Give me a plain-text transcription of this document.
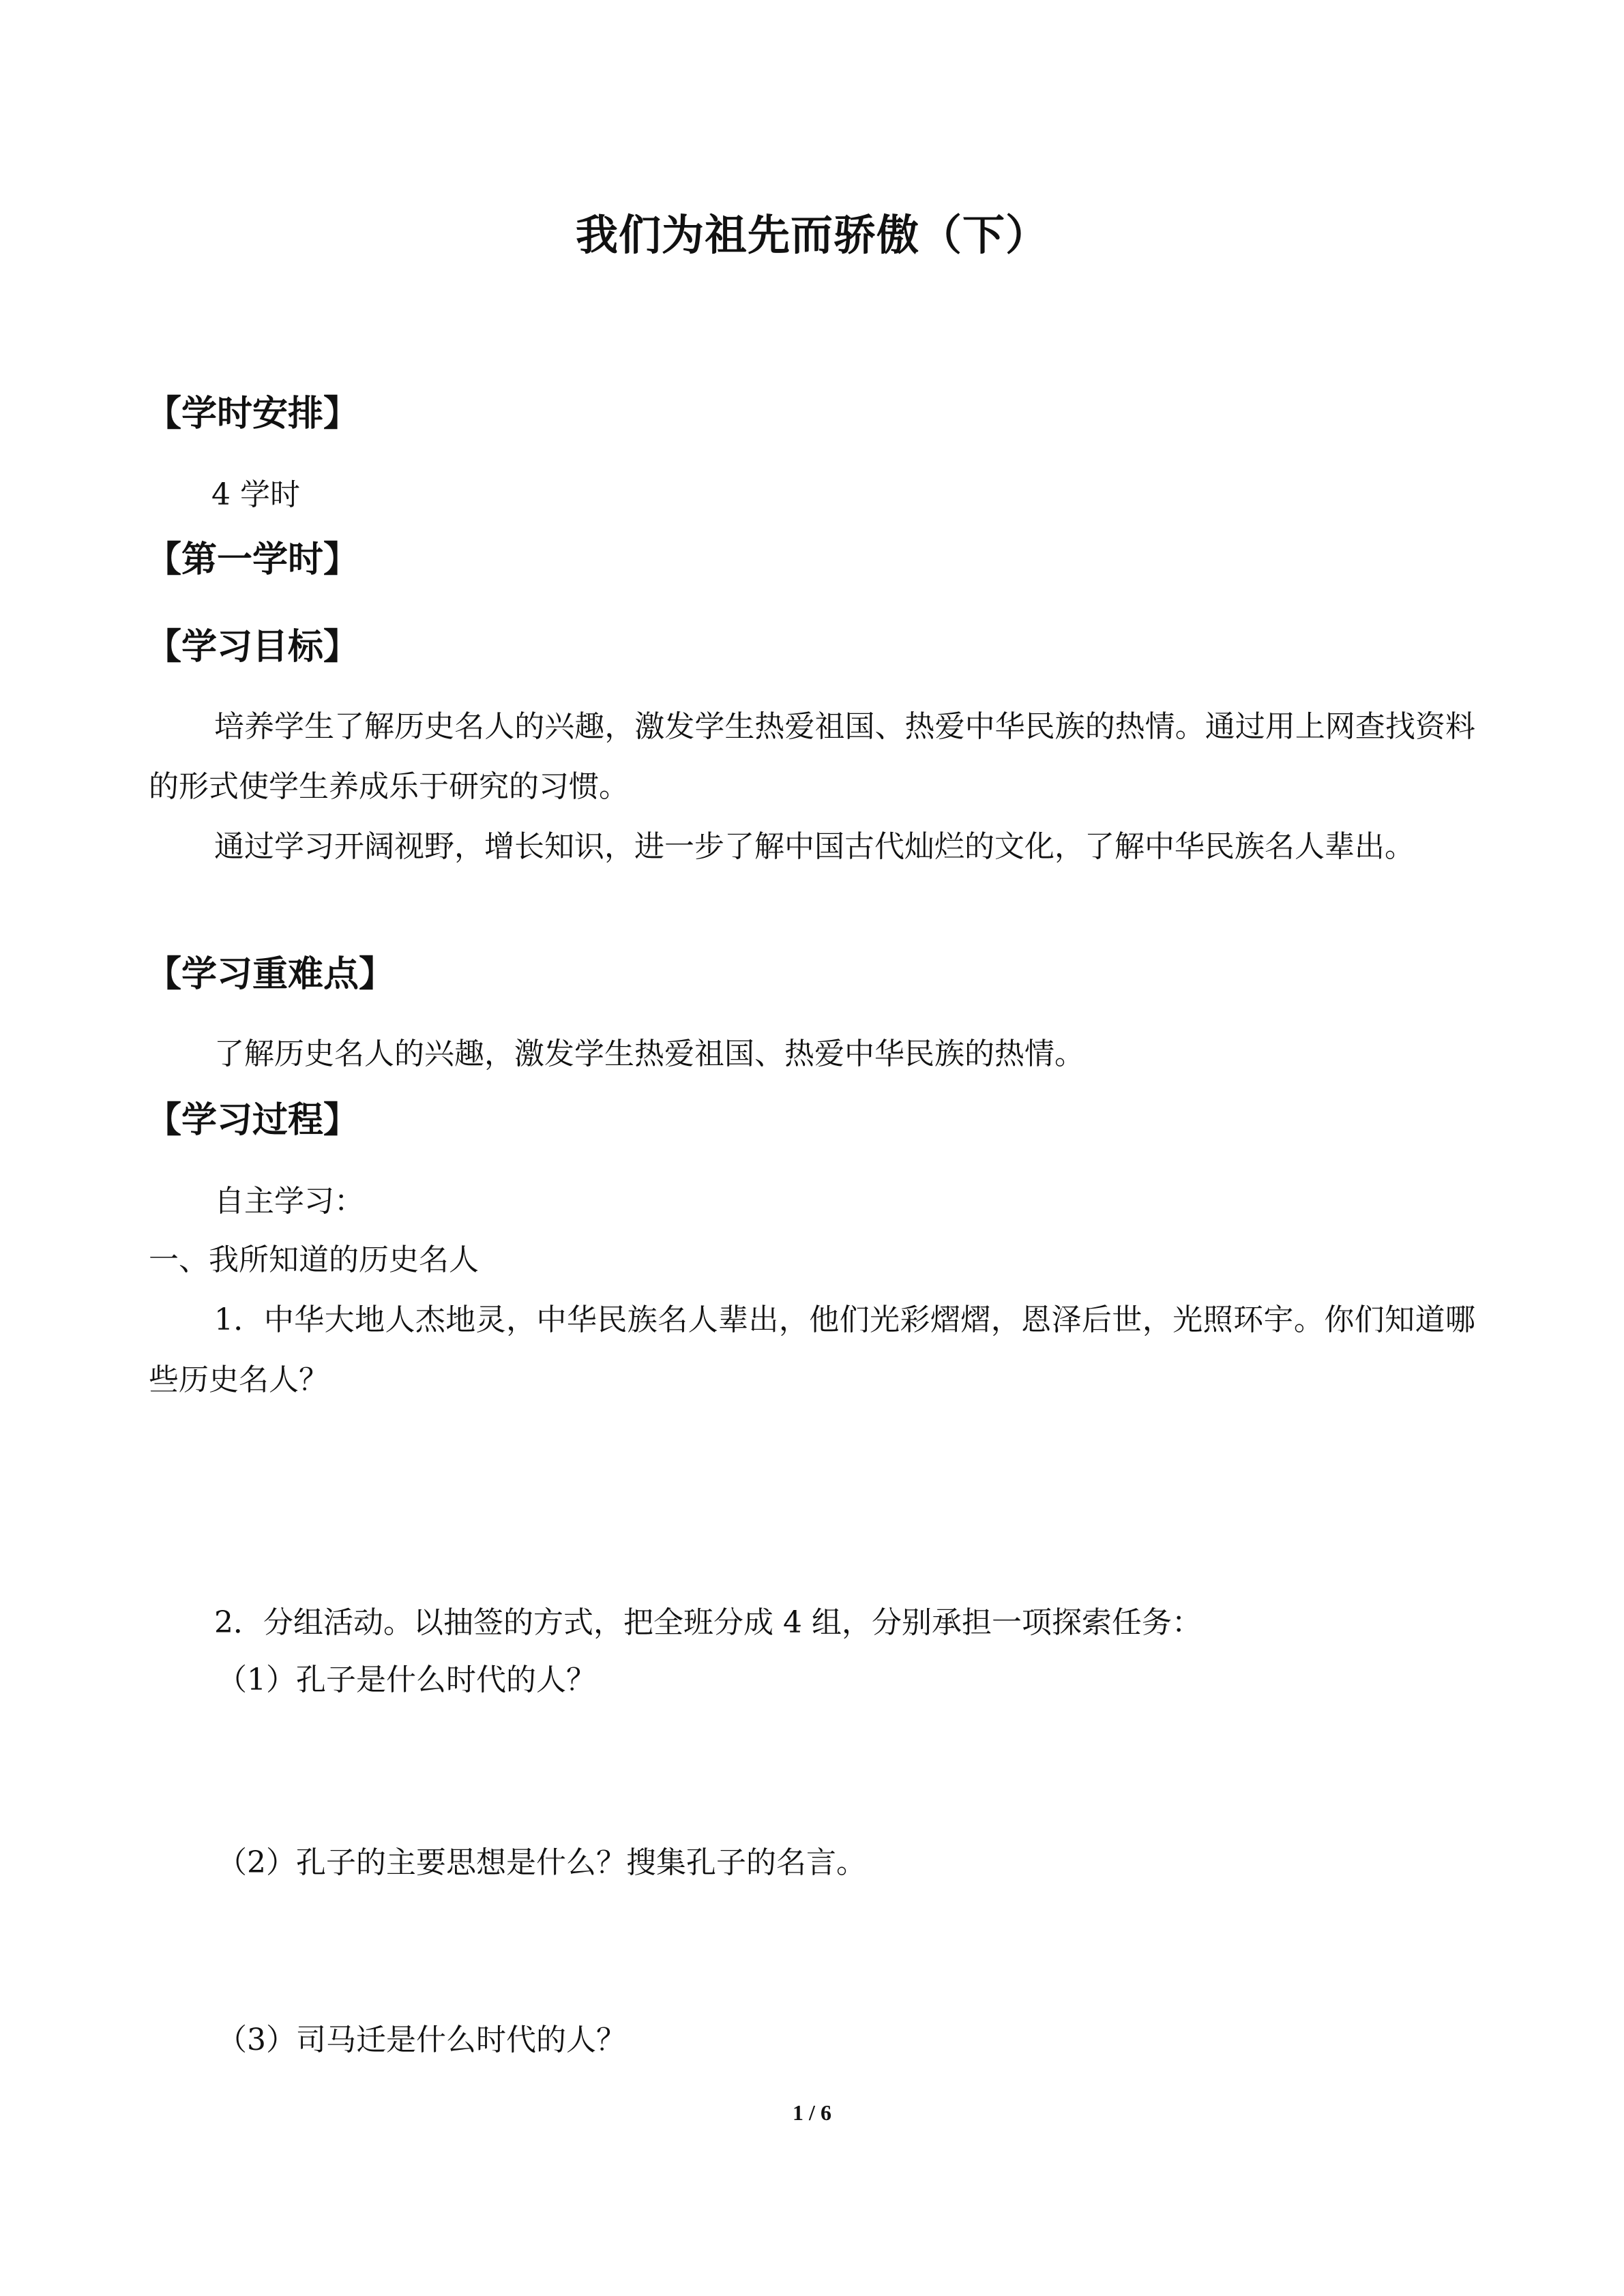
我们为祖先而骄傲（下）
【学时安排】
4 学时
【第一学时】
【学习目标】
培养学生了解历史名人的兴趣，激发学生热爱祖国、热爱中华民族的热情。通过用上网查找资料的形式使学生养成乐于研究的习惯。
通过学习开阔视野，增长知识，进一步了解中国古代灿烂的文化，了解中华民族名人辈出。
【学习重难点】
了解历史名人的兴趣，激发学生热爱祖国、热爱中华民族的热情。
【学习过程】
自主学习：
一、我所知道的历史名人
1．中华大地人杰地灵，中华民族名人辈出，他们光彩熠熠，恩泽后世，光照环宇。你们知道哪些历史名人？
2．分组活动。以抽签的方式，把全班分成 4 组，分别承担一项探索任务：
（1）孔子是什么时代的人？
（2）孔子的主要思想是什么？搜集孔子的名言。
（3）司马迁是什么时代的人？
1 / 6
